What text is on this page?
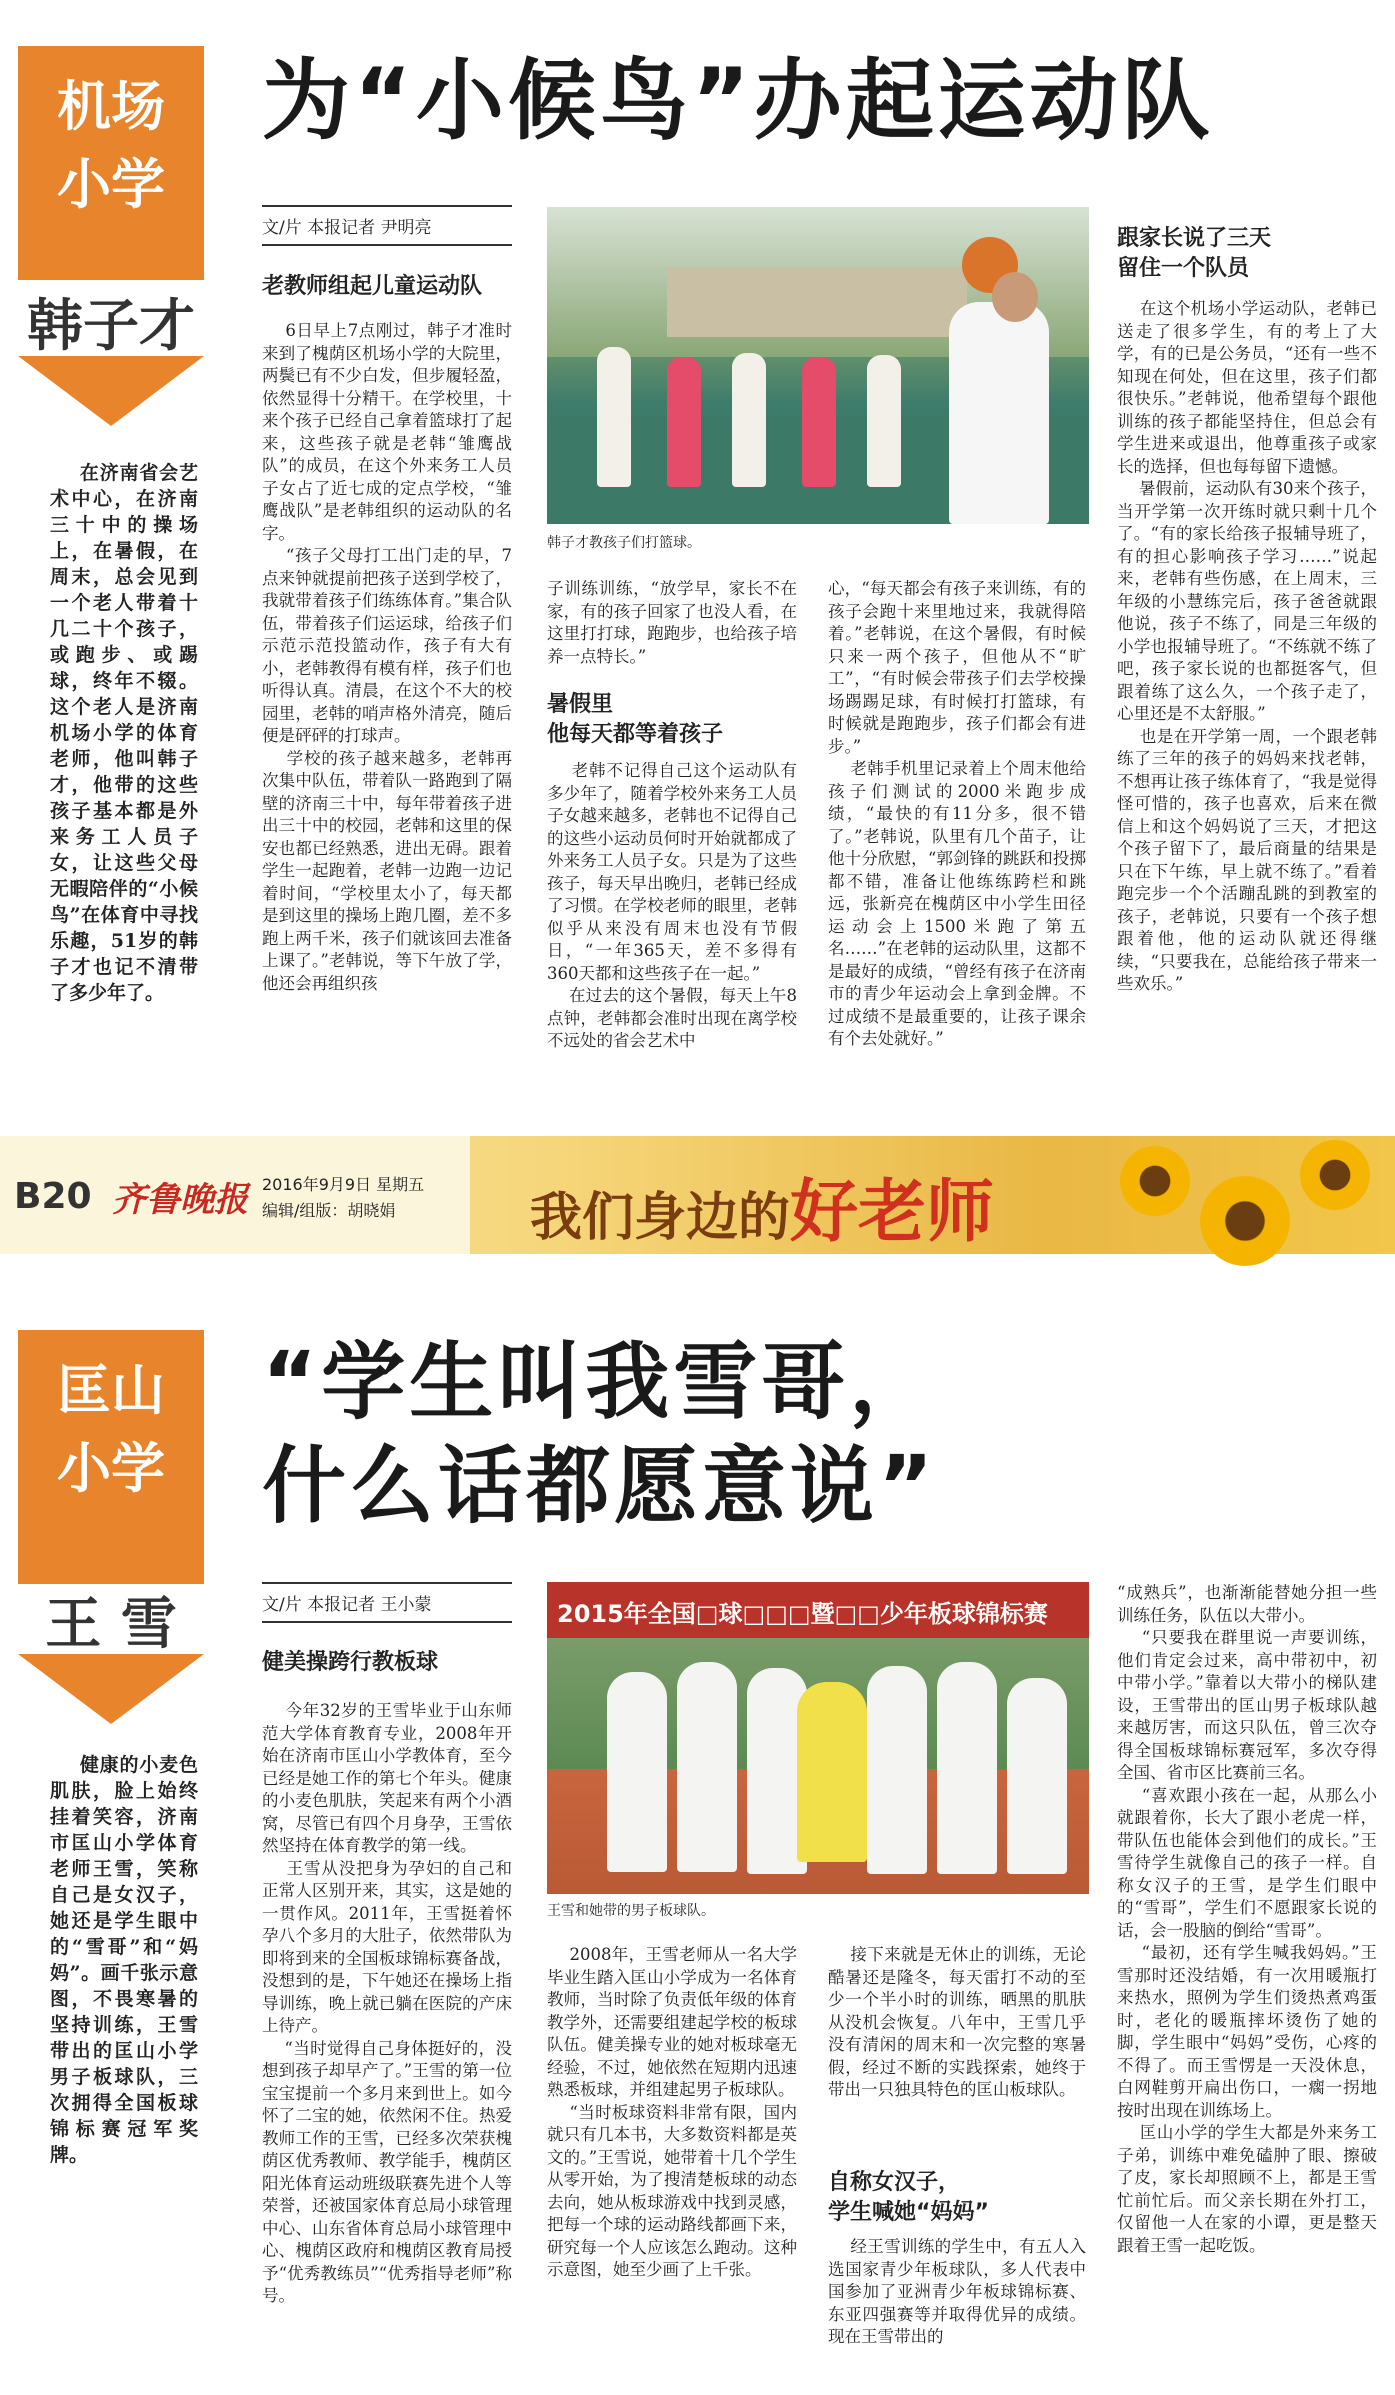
机场
小学
韩子才
在济南省会艺术中心，在济南三十中的操场上，在暑假，在周末，总会见到一个老人带着十几二十个孩子，或跑步、或踢球，终年不辍。这个老人是济南机场小学的体育老师，他叫韩子才，他带的这些孩子基本都是外来务工人员子女，让这些父母无暇陪伴的“小候鸟”在体育中寻找乐趣，51岁的韩子才也记不清带了多少年了。
为“小候鸟”办起运动队
文/片 本报记者 尹明亮
老教师组起儿童运动队
6日早上7点刚过，韩子才准时来到了槐荫区机场小学的大院里，两鬓已有不少白发，但步履轻盈，依然显得十分精干。在学校里，十来个孩子已经自己拿着篮球打了起来，这些孩子就是老韩“雏鹰战队”的成员，在这个外来务工人员子女占了近七成的定点学校，“雏鹰战队”是老韩组织的运动队的名字。
“孩子父母打工出门走的早，7点来钟就提前把孩子送到学校了，我就带着孩子们练练体育。”集合队伍，带着孩子们运运球，给孩子们示范示范投篮动作，孩子有大有小，老韩教得有模有样，孩子们也听得认真。清晨，在这个不大的校园里，老韩的哨声格外清亮，随后便是砰砰的打球声。
学校的孩子越来越多，老韩再次集中队伍，带着队一路跑到了隔壁的济南三十中，每年带着孩子进出三十中的校园，老韩和这里的保安也都已经熟悉，进出无碍。跟着学生一起跑着，老韩一边跑一边记着时间，“学校里太小了，每天都是到这里的操场上跑几圈，差不多跑上两千米，孩子们就该回去准备上课了。”老韩说，等下午放了学，他还会再组织孩
韩子才教孩子们打篮球。
子训练训练，“放学早，家长不在家，有的孩子回家了也没人看，在这里打打球，跑跑步，也给孩子培养一点特长。”
暑假里
他每天都等着孩子
老韩不记得自己这个运动队有多少年了，随着学校外来务工人员子女越来越多，老韩也不记得自己的这些小运动员何时开始就都成了外来务工人员子女。只是为了这些孩子，每天早出晚归，老韩已经成了习惯。在学校老师的眼里，老韩似乎从来没有周末也没有节假日，“一年365天，差不多得有360天都和这些孩子在一起。”
在过去的这个暑假，每天上午8点钟，老韩都会准时出现在离学校不远处的省会艺术中
心，“每天都会有孩子来训练，有的孩子会跑十来里地过来，我就得陪着。”老韩说，在这个暑假，有时候只来一两个孩子，但他从不“旷工”，“有时候会带孩子们去学校操场踢踢足球，有时候打打篮球，有时候就是跑跑步，孩子们都会有进步。”
老韩手机里记录着上个周末他给孩子们测试的2000米跑步成绩，“最快的有11分多，很不错了。”老韩说，队里有几个苗子，让他十分欣慰，“郭剑锋的跳跃和投掷都不错，准备让他练练跨栏和跳远，张新亮在槐荫区中小学生田径运动会上1500米跑了第五名……”在老韩的运动队里，这都不是最好的成绩，“曾经有孩子在济南市的青少年运动会上拿到金牌。不过成绩不是最重要的，让孩子课余有个去处就好。”
跟家长说了三天
留住一个队员
在这个机场小学运动队，老韩已送走了很多学生，有的考上了大学，有的已是公务员，“还有一些不知现在何处，但在这里，孩子们都很快乐。”老韩说，他希望每个跟他训练的孩子都能坚持住，但总会有学生进来或退出，他尊重孩子或家长的选择，但也每每留下遗憾。
暑假前，运动队有30来个孩子，当开学第一次开练时就只剩十几个了。“有的家长给孩子报辅导班了，有的担心影响孩子学习……”说起来，老韩有些伤感，在上周末，三年级的小慧练完后，孩子爸爸就跟他说，孩子不练了，同是三年级的小学也报辅导班了。“不练就不练了吧，孩子家长说的也都挺客气，但跟着练了这么久，一个孩子走了，心里还是不太舒服。”
也是在开学第一周，一个跟老韩练了三年的孩子的妈妈来找老韩，不想再让孩子练体育了，“我是觉得怪可惜的，孩子也喜欢，后来在微信上和这个妈妈说了三天，才把这个孩子留下了，最后商量的结果是只在下午练，早上就不练了。”看着跑完步一个个活蹦乱跳的到教室的孩子，老韩说，只要有一个孩子想跟着他，他的运动队就还得继续，“只要我在，总能给孩子带来一些欢乐。”
B20 齐鲁晚报 2016年9月9日 星期五
编辑/组版：胡晓娟	我们身边的好老师
匡山
小学
王 雪
健康的小麦色肌肤，脸上始终挂着笑容，济南市匡山小学体育老师王雪，笑称自己是女汉子，她还是学生眼中的“雪哥”和“妈妈”。画千张示意图，不畏寒暑的坚持训练，王雪带出的匡山小学男子板球队，三次拥得全国板球锦标赛冠军奖牌。
“学生叫我雪哥，
什么话都愿意说”
文/片 本报记者 王小蒙
健美操跨行教板球
今年32岁的王雪毕业于山东师范大学体育教育专业，2008年开始在济南市匡山小学教体育，至今已经是她工作的第七个年头。健康的小麦色肌肤，笑起来有两个小酒窝，尽管已有四个月身孕，王雪依然坚持在体育教学的第一线。
王雪从没把身为孕妇的自己和正常人区别开来，其实，这是她的一贯作风。2011年，王雪挺着怀孕八个多月的大肚子，依然带队为即将到来的全国板球锦标赛备战，没想到的是，下午她还在操场上指导训练，晚上就已躺在医院的产床上待产。
“当时觉得自己身体挺好的，没想到孩子却早产了。”王雪的第一位宝宝提前一个多月来到世上。如今怀了二宝的她，依然闲不住。热爱教师工作的王雪，已经多次荣获槐荫区优秀教师、教学能手，槐荫区阳光体育运动班级联赛先进个人等荣誉，还被国家体育总局小球管理中心、山东省体育总局小球管理中心、槐荫区政府和槐荫区教育局授予“优秀教练员”“优秀指导老师”称号。
2015年全国□球□□□暨□□少年板球锦标赛
王雪和她带的男子板球队。
2008年，王雪老师从一名大学毕业生踏入匡山小学成为一名体育教师，当时除了负责低年级的体育教学外，还需要组建起学校的板球队伍。健美操专业的她对板球毫无经验，不过，她依然在短期内迅速熟悉板球，并组建起男子板球队。
“当时板球资料非常有限，国内就只有几本书，大多数资料都是英文的。”王雪说，她带着十几个学生从零开始，为了搜清楚板球的动态去向，她从板球游戏中找到灵感，把每一个球的运动路线都画下来，研究每一个人应该怎么跑动。这种示意图，她至少画了上千张。
接下来就是无休止的训练，无论酷暑还是隆冬，每天雷打不动的至少一个半小时的训练，晒黑的肌肤从没机会恢复。八年中，王雪几乎没有清闲的周末和一次完整的寒暑假，经过不断的实践探索，她终于带出一只独具特色的匡山板球队。
自称女汉子，
学生喊她“妈妈”
经王雪训练的学生中，有五人入选国家青少年板球队，多人代表中国参加了亚洲青少年板球锦标赛、东亚四强赛等并取得优异的成绩。现在王雪带出的
“成熟兵”，也渐渐能替她分担一些训练任务，队伍以大带小。
“只要我在群里说一声要训练，他们肯定会过来，高中带初中，初中带小学。”靠着以大带小的梯队建设，王雪带出的匡山男子板球队越来越厉害，而这只队伍，曾三次夺得全国板球锦标赛冠军，多次夺得全国、省市区比赛前三名。
“喜欢跟小孩在一起，从那么小就跟着你，长大了跟小老虎一样，带队伍也能体会到他们的成长。”王雪待学生就像自己的孩子一样。自称女汉子的王雪，是学生们眼中的“雪哥”，学生们不愿跟家长说的话，会一股脑的倒给“雪哥”。
“最初，还有学生喊我妈妈。”王雪那时还没结婚，有一次用暖瓶打来热水，照例为学生们烫热煮鸡蛋时，老化的暖瓶摔坏烫伤了她的脚，学生眼中“妈妈”受伤，心疼的不得了。而王雪愣是一天没休息，白网鞋剪开扁出伤口，一瘸一拐地按时出现在训练场上。
匡山小学的学生大都是外来务工子弟，训练中难免磕肿了眼、擦破了皮，家长却照顾不上，都是王雪忙前忙后。而父亲长期在外打工，仅留他一人在家的小谭，更是整天跟着王雪一起吃饭。
